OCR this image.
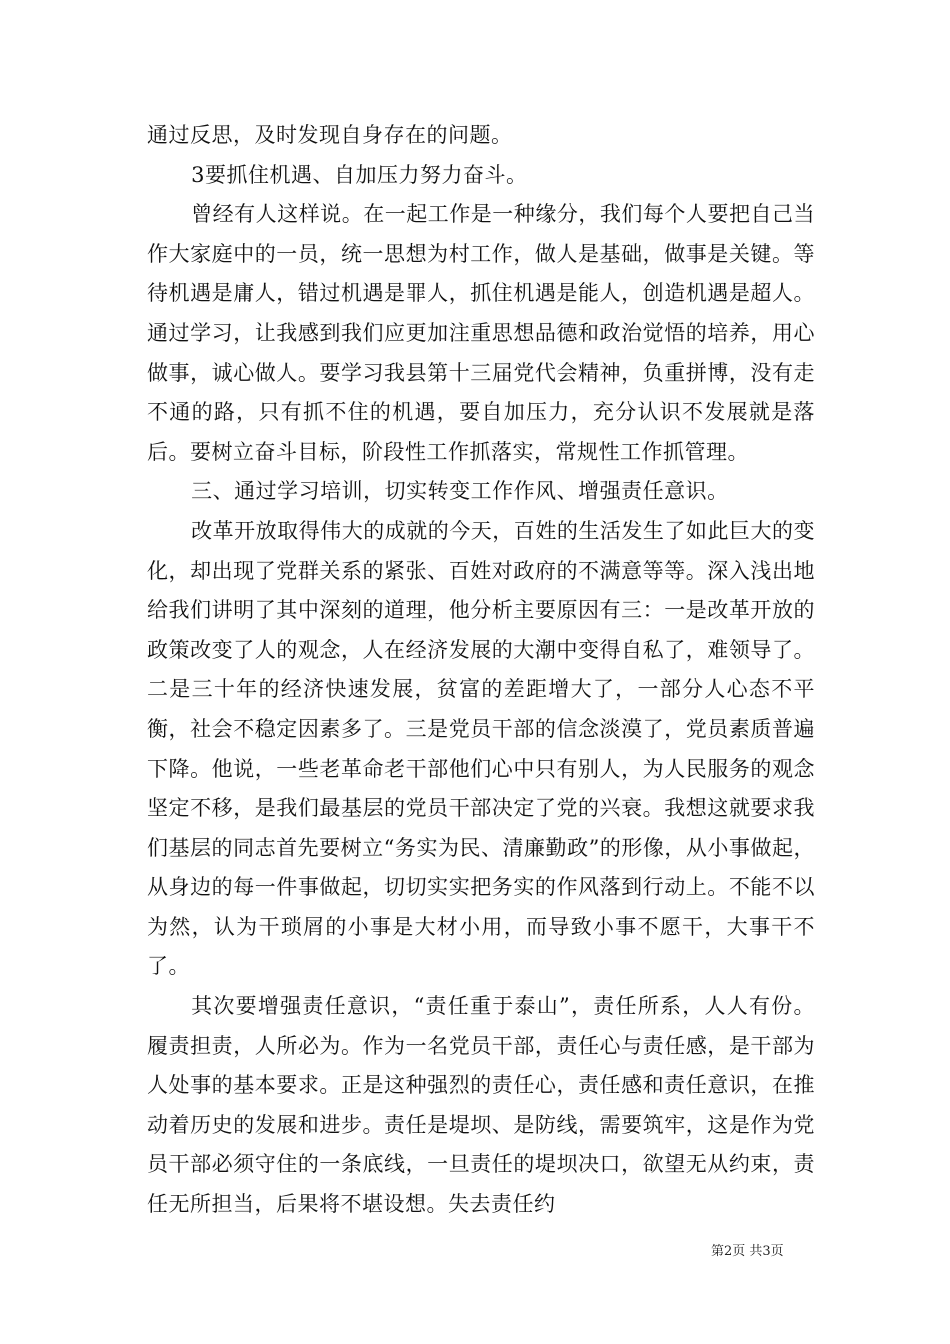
通过反思，及时发现自身存在的问题。

3要抓住机遇、自加压力努力奋斗。

曾经有人这样说。在一起工作是一种缘分，我们每个人要把自己当作大家庭中的一员，统一思想为村工作，做人是基础，做事是关键。等待机遇是庸人，错过机遇是罪人，抓住机遇是能人，创造机遇是超人。通过学习，让我感到我们应更加注重思想品德和政治觉悟的培养，用心做事，诚心做人。要学习我县第十三届党代会精神，负重拼博，没有走不通的路，只有抓不住的机遇，要自加压力，充分认识不发展就是落后。要树立奋斗目标，阶段性工作抓落实，常规性工作抓管理。

三、通过学习培训，切实转变工作作风、增强责任意识。

改革开放取得伟大的成就的今天，百姓的生活发生了如此巨大的变化，却出现了党群关系的紧张、百姓对政府的不满意等等。深入浅出地给我们讲明了其中深刻的道理，他分析主要原因有三：一是改革开放的政策改变了人的观念，人在经济发展的大潮中变得自私了，难领导了。二是三十年的经济快速发展，贫富的差距增大了，一部分人心态不平衡，社会不稳定因素多了。三是党员干部的信念淡漠了，党员素质普遍下降。他说，一些老革命老干部他们心中只有别人，为人民服务的观念坚定不移，是我们最基层的党员干部决定了党的兴衰。我想这就要求我们基层的同志首先要树立“务实为民、清廉勤政”的形像，从小事做起，从身边的每一件事做起，切切实实把务实的作风落到行动上。不能不以为然，认为干琐屑的小事是大材小用，而导致小事不愿干，大事干不了。

其次要增强责任意识，“责任重于泰山”，责任所系，人人有份。履责担责，人所必为。作为一名党员干部，责任心与责任感，是干部为人处事的基本要求。正是这种强烈的责任心，责任感和责任意识，在推动着历史的发展和进步。责任是堤坝、是防线，需要筑牢，这是作为党员干部必须守住的一条底线，一旦责任的堤坝决口，欲望无从约束，责任无所担当，后果将不堪设想。失去责任约

第2页 共3页
